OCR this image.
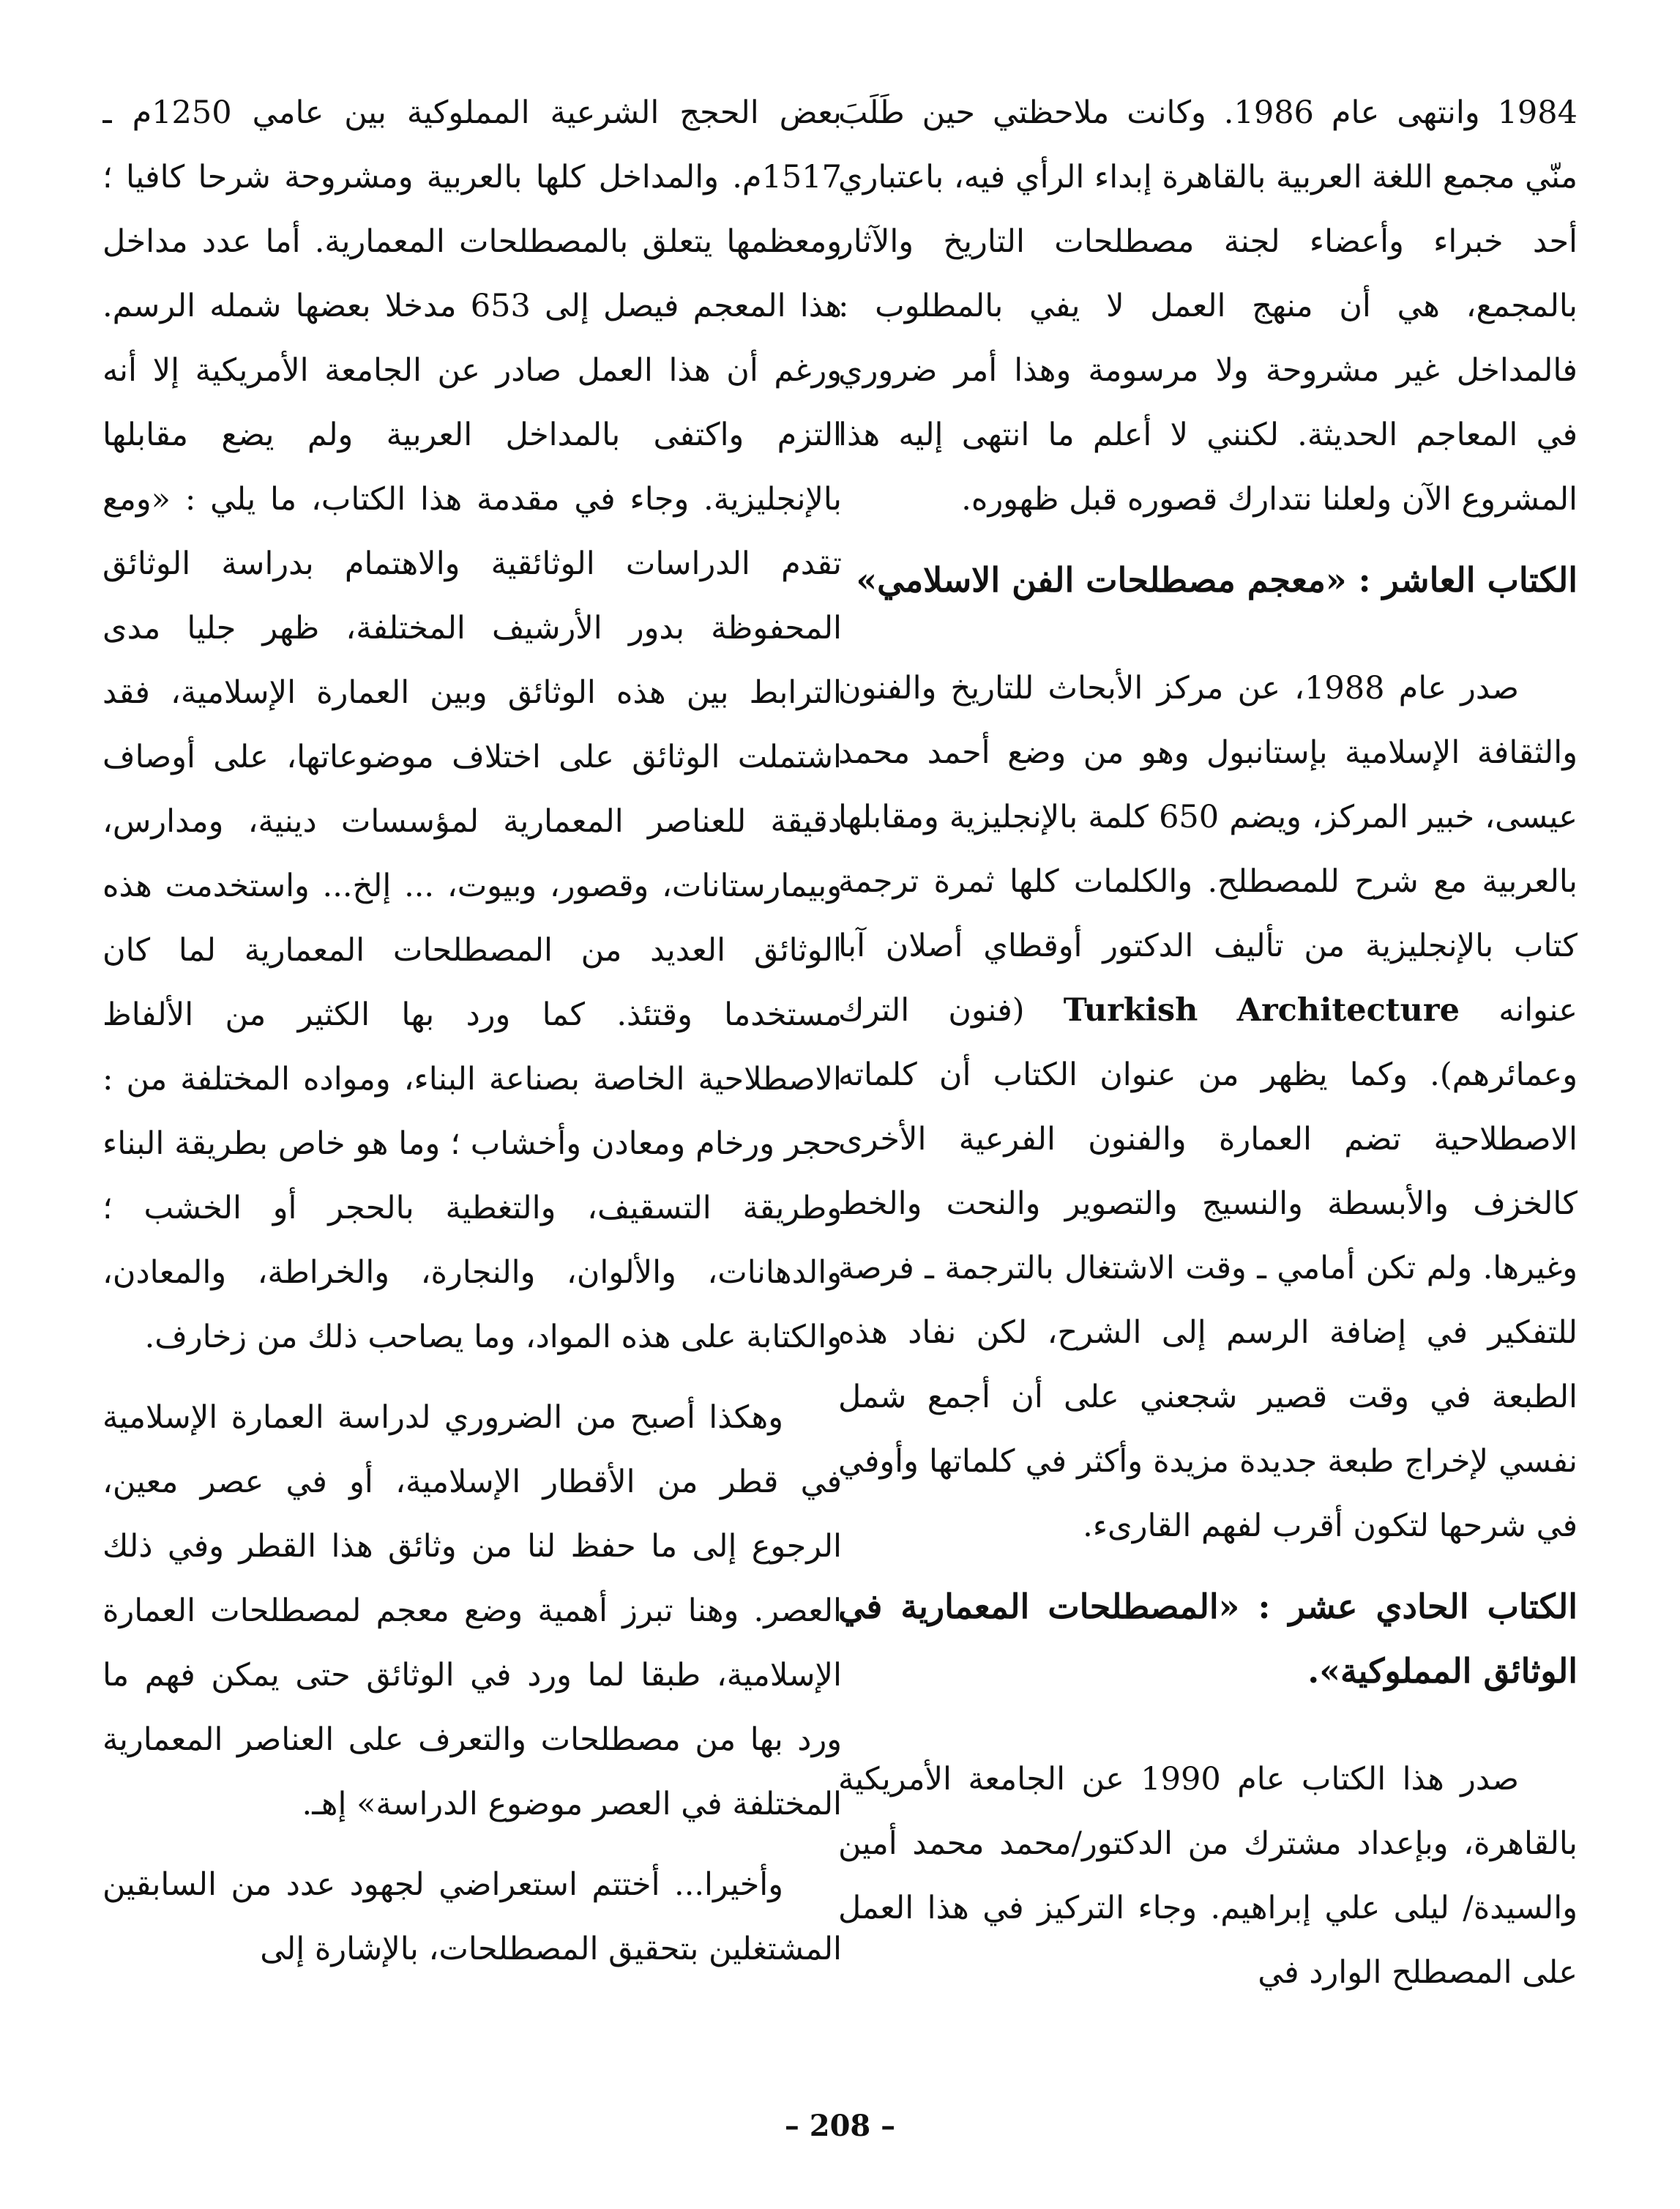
1984 وانتهى عام 1986. وكانت ملاحظتي حين طَلَبَ منّي مجمع اللغة العربية بالقاهرة إبداء الرأي فيه، باعتباري أحد خبراء وأعضاء لجنة مصطلحات التاريخ والآثار بالمجمع، هي أن منهج العمل لا يفي بالمطلوب : فالمداخل غير مشروحة ولا مرسومة وهذا أمر ضروري في المعاجم الحديثة. لكنني لا أعلم ما انتهى إليه هذا المشروع الآن ولعلنا نتدارك قصوره قبل ظهوره.

الكتاب العاشر : «معجم مصطلحات الفن الاسلامي»

صدر عام 1988، عن مركز الأبحاث للتاريخ والفنون والثقافة الإسلامية بإستانبول وهو من وضع أحمد محمد عيسى، خبير المركز، ويضم 650 كلمة بالإنجليزية ومقابلها بالعربية مع شرح للمصطلح. والكلمات كلها ثمرة ترجمة كتاب بالإنجليزية من تأليف الدكتور أوقطاي أصلان آبا عنوانه Turkish Architecture (فنون الترك وعمائرهم). وكما يظهر من عنوان الكتاب أن كلماته الاصطلاحية تضم العمارة والفنون الفرعية الأخرى كالخزف والأبسطة والنسيج والتصوير والنحت والخط وغيرها. ولم تكن أمامي ـ وقت الاشتغال بالترجمة ـ فرصة للتفكير في إضافة الرسم إلى الشرح، لكن نفاد هذه الطبعة في وقت قصير شجعني على أن أجمع شمل نفسي لإخراج طبعة جديدة مزيدة وأكثر في كلماتها وأوفي في شرحها لتكون أقرب لفهم القارىء.

الكتاب الحادي عشر : «المصطلحات المعمارية في الوثائق المملوكية».

صدر هذا الكتاب عام 1990 عن الجامعة الأمريكية بالقاهرة، وبإعداد مشترك من الدكتور/محمد محمد أمين والسيدة/ ليلى علي إبراهيم. وجاء التركيز في هذا العمل على المصطلح الوارد في

بعض الحجج الشرعية المملوكية بين عامي 1250م ـ 1517م. والمداخل كلها بالعربية ومشروحة شرحا كافيا ؛ ومعظمها يتعلق بالمصطلحات المعمارية. أما عدد مداخل هذا المعجم فيصل إلى 653 مدخلا بعضها شمله الرسم. ورغم أن هذا العمل صادر عن الجامعة الأمريكية إلا أنه التزم واكتفى بالمداخل العربية ولم يضع مقابلها بالإنجليزية. وجاء في مقدمة هذا الكتاب، ما يلي : «ومع تقدم الدراسات الوثائقية والاهتمام بدراسة الوثائق المحفوظة بدور الأرشيف المختلفة، ظهر جليا مدى الترابط بين هذه الوثائق وبين العمارة الإسلامية، فقد اشتملت الوثائق على اختلاف موضوعاتها، على أوصاف دقيقة للعناصر المعمارية لمؤسسات دينية، ومدارس، وبيمارستانات، وقصور، وبيوت، ... إلخ... واستخدمت هذه الوثائق العديد من المصطلحات المعمارية لما كان مستخدما وقتئذ. كما ورد بها الكثير من الألفاظ الاصطلاحية الخاصة بصناعة البناء، ومواده المختلفة من : حجر ورخام ومعادن وأخشاب ؛ وما هو خاص بطريقة البناء وطريقة التسقيف، والتغطية بالحجر أو الخشب ؛ والدهانات، والألوان، والنجارة، والخراطة، والمعادن، والكتابة على هذه المواد، وما يصاحب ذلك من زخارف.

وهكذا أصبح من الضروري لدراسة العمارة الإسلامية في قطر من الأقطار الإسلامية، أو في عصر معين، الرجوع إلى ما حفظ لنا من وثائق هذا القطر وفي ذلك العصر. وهنا تبرز أهمية وضع معجم لمصطلحات العمارة الإسلامية، طبقا لما ورد في الوثائق حتى يمكن فهم ما ورد بها من مصطلحات والتعرف على العناصر المعمارية المختلفة في العصر موضوع الدراسة» إهـ.

وأخيرا... أختتم استعراضي لجهود عدد من السابقين المشتغلين بتحقيق المصطلحات، بالإشارة إلى

– 208 –
